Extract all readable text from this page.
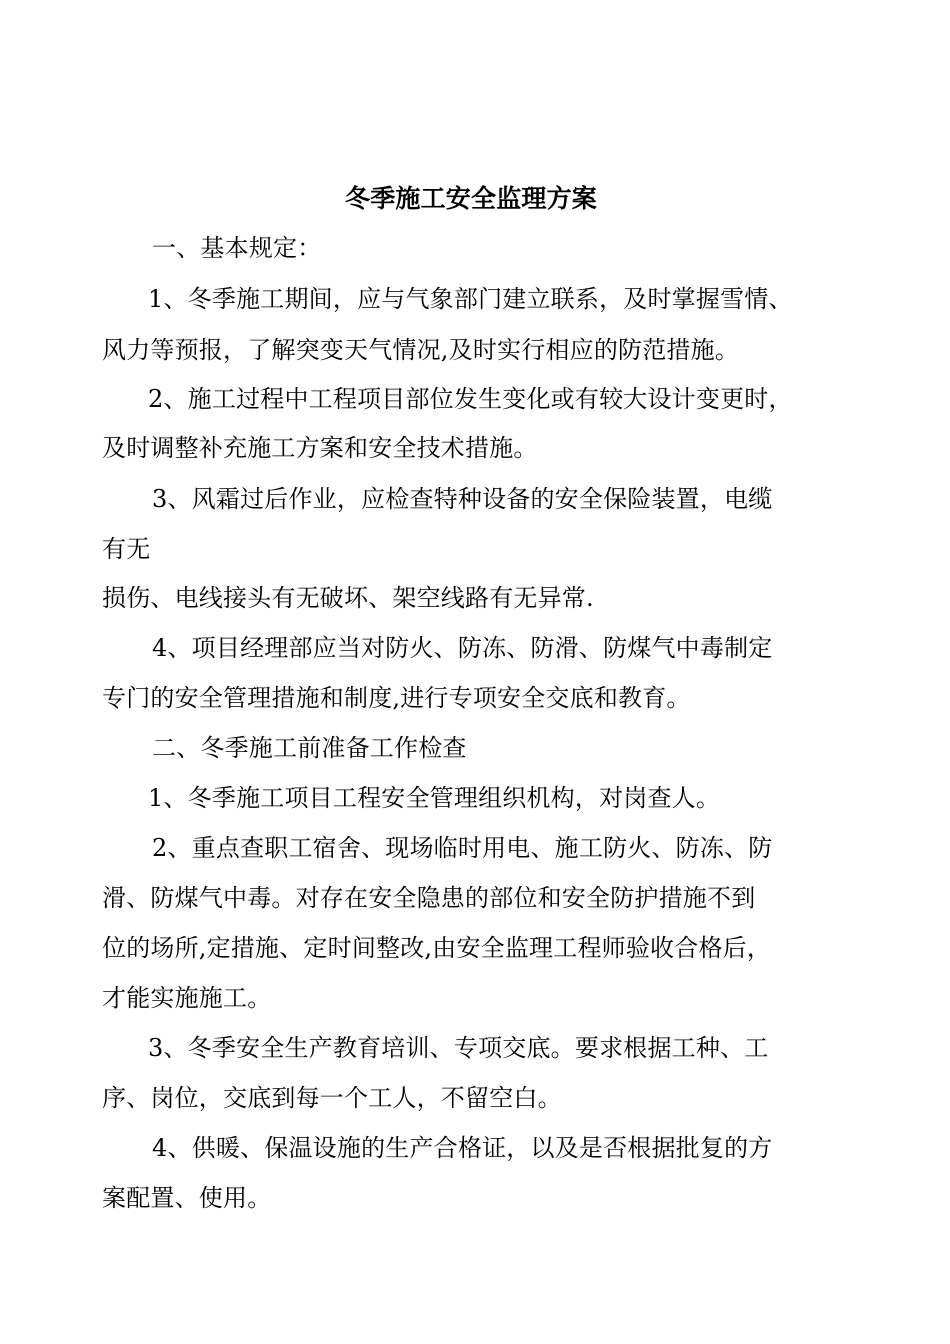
冬季施工安全监理方案
一、基本规定：
1、冬季施工期间，应与气象部门建立联系，及时掌握雪情、
风力等预报，了解突变天气情况,及时实行相应的防范措施。
2、施工过程中工程项目部位发生变化或有较大设计变更时，
及时调整补充施工方案和安全技术措施。
3、风霜过后作业，应检查特种设备的安全保险装置，电缆
有无
损伤、电线接头有无破坏、架空线路有无异常.
4、项目经理部应当对防火、防冻、防滑、防煤气中毒制定
专门的安全管理措施和制度,进行专项安全交底和教育。
二、冬季施工前准备工作检查
1、冬季施工项目工程安全管理组织机构，对岗查人。
2、重点查职工宿舍、现场临时用电、施工防火、防冻、防
滑、防煤气中毒。对存在安全隐患的部位和安全防护措施不到
位的场所,定措施、定时间整改,由安全监理工程师验收合格后，
才能实施施工。
3、冬季安全生产教育培训、专项交底。要求根据工种、工
序、岗位，交底到每一个工人，不留空白。
4、供暖、保温设施的生产合格证，以及是否根据批复的方
案配置、使用。
